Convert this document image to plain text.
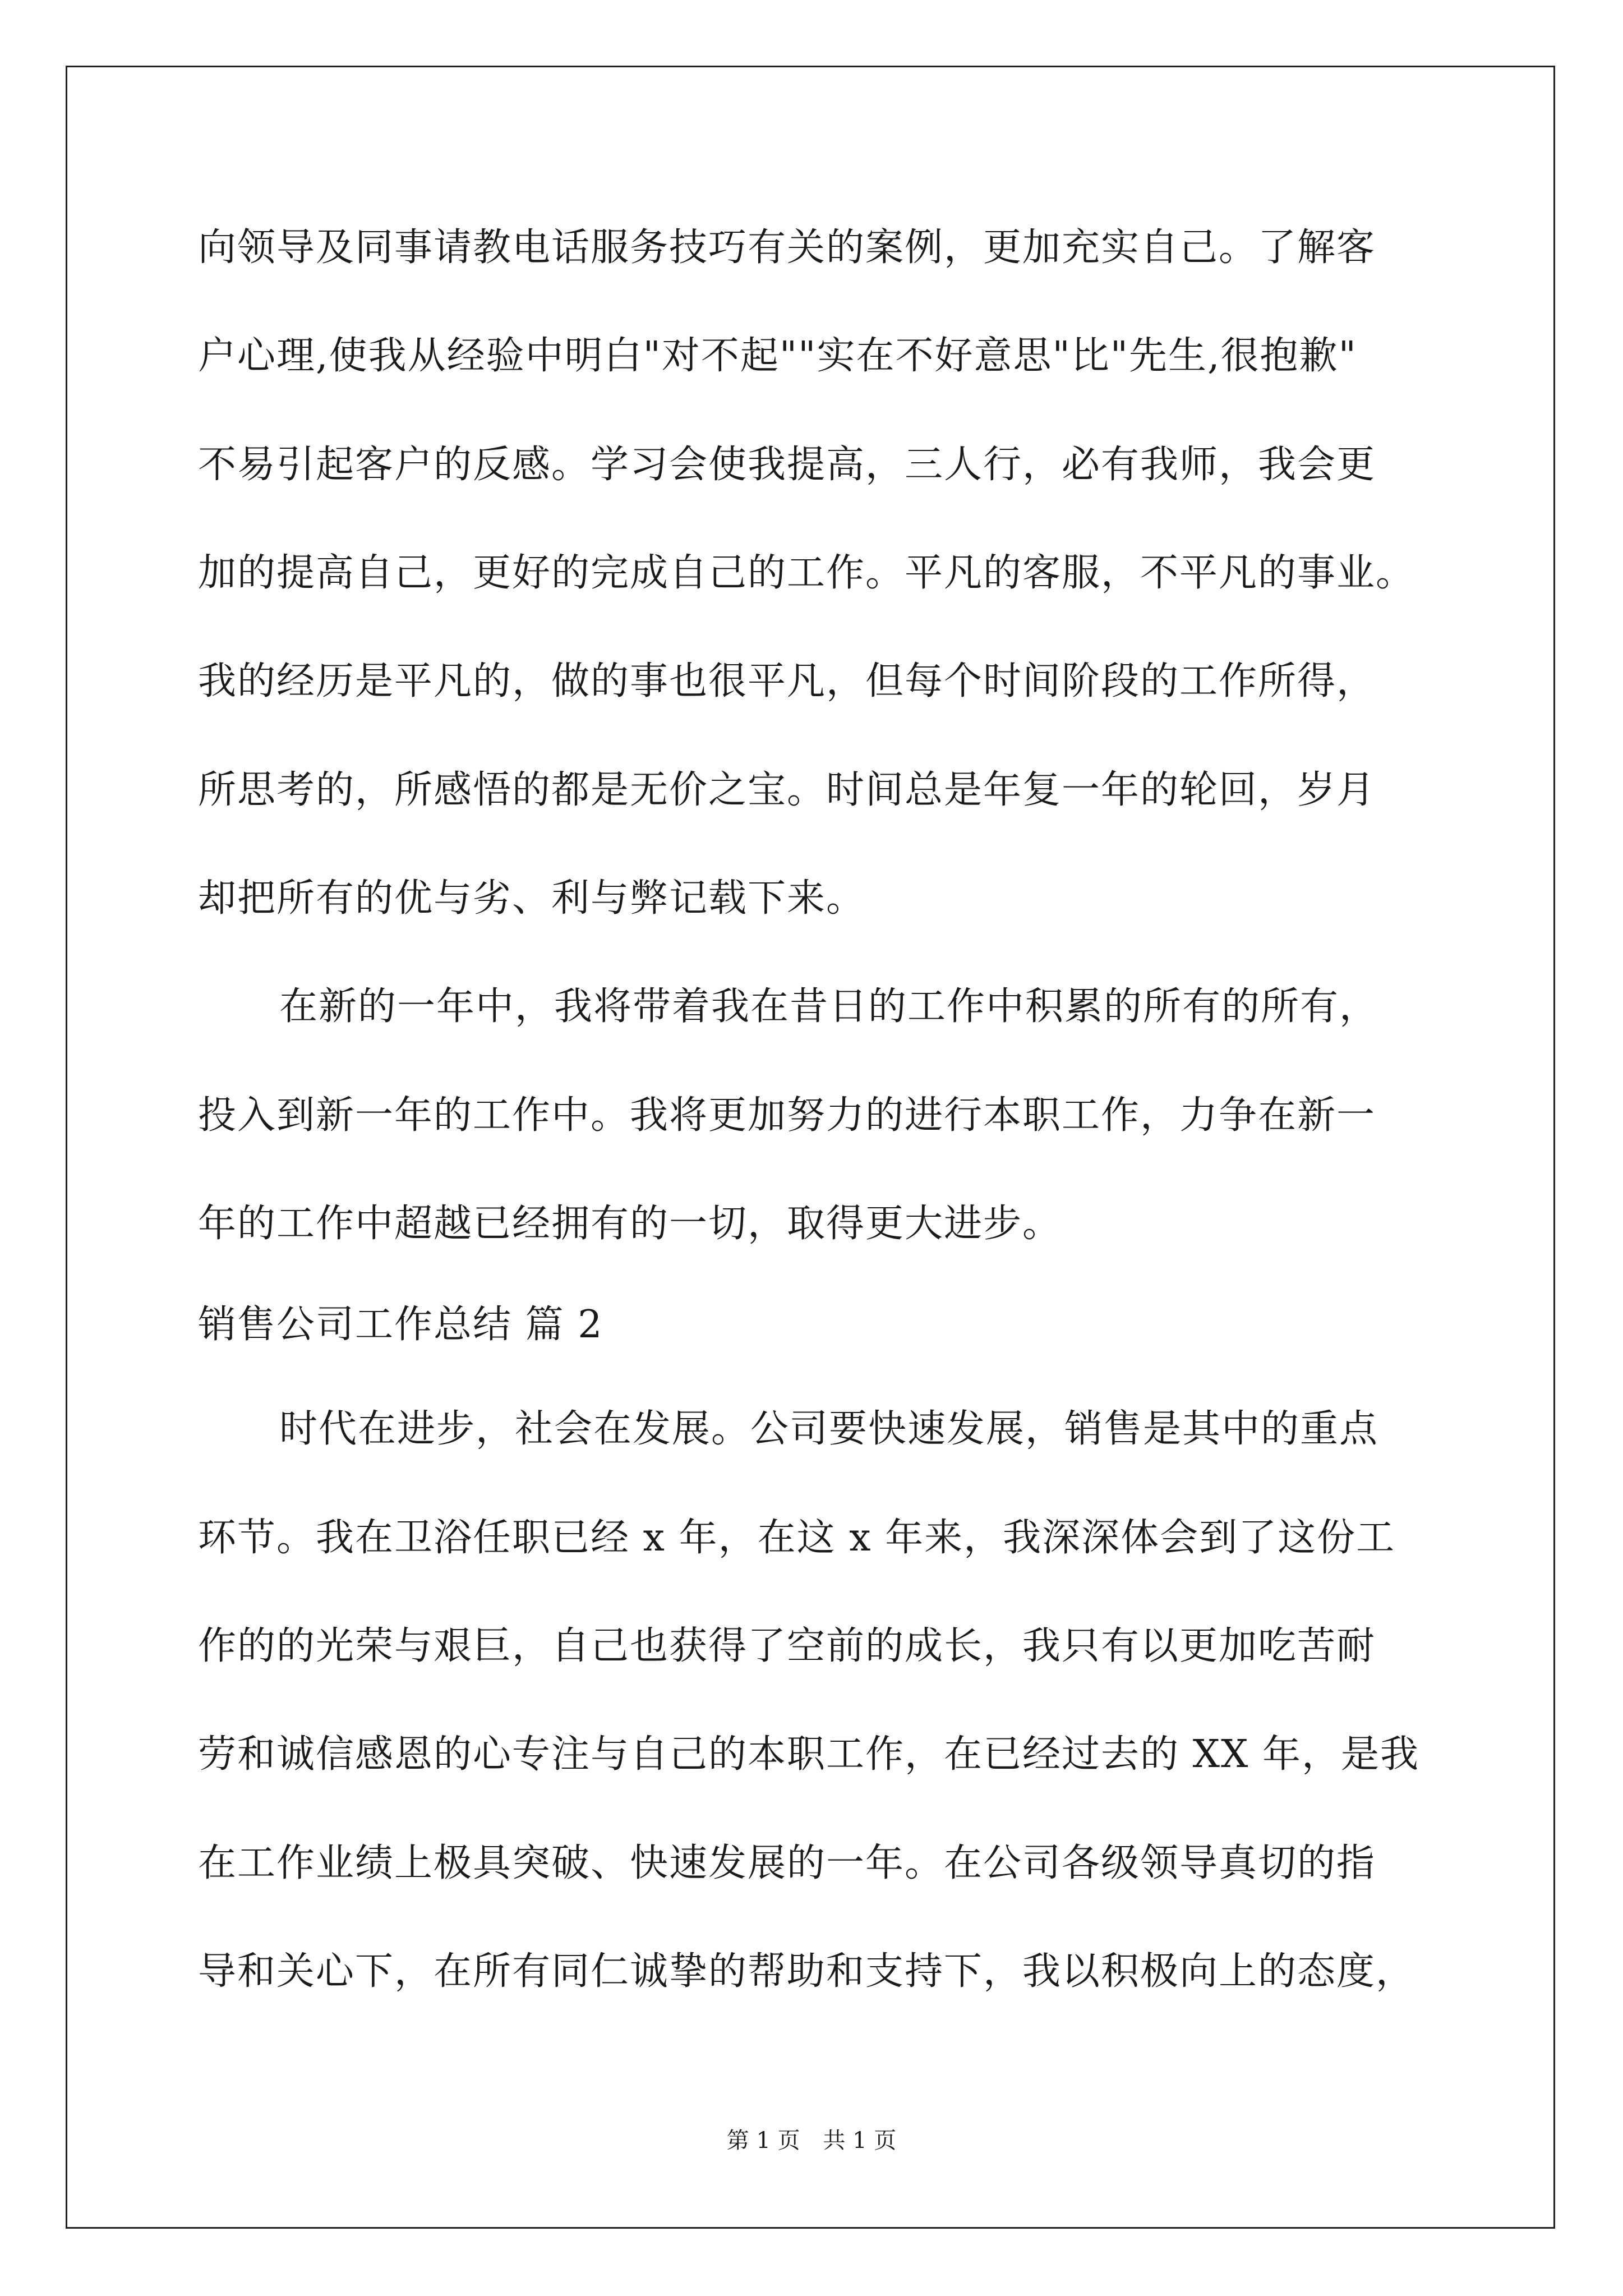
向领导及同事请教电话服务技巧有关的案例，更加充实自己。了解客
户心理,使我从经验中明白"对不起""实在不好意思"比"先生,很抱歉"
不易引起客户的反感。学习会使我提高，三人行，必有我师，我会更
加的提高自己，更好的完成自己的工作。平凡的客服，不平凡的事业。
我的经历是平凡的，做的事也很平凡，但每个时间阶段的工作所得，
所思考的，所感悟的都是无价之宝。时间总是年复一年的轮回，岁月
却把所有的优与劣、利与弊记载下来。
在新的一年中，我将带着我在昔日的工作中积累的所有的所有，
投入到新一年的工作中。我将更加努力的进行本职工作，力争在新一
年的工作中超越已经拥有的一切，取得更大进步。
销售公司工作总结 篇 2
时代在进步，社会在发展。公司要快速发展，销售是其中的重点
环节。我在卫浴任职已经 x 年，在这 x 年来，我深深体会到了这份工
作的的光荣与艰巨，自己也获得了空前的成长，我只有以更加吃苦耐
劳和诚信感恩的心专注与自己的本职工作，在已经过去的 XX 年，是我
在工作业绩上极具突破、快速发展的一年。在公司各级领导真切的指
导和关心下，在所有同仁诚挚的帮助和支持下，我以积极向上的态度，
第 1 页 共 1 页
